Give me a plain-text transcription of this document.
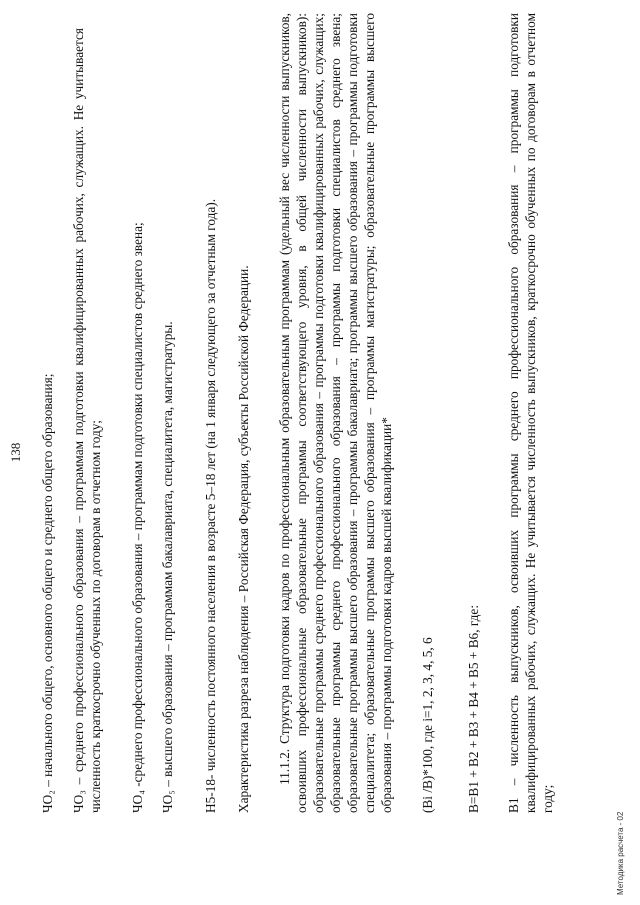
138
ЧО₂ – начального общего, основного общего и среднего общего образования;
ЧО₃ – среднего профессионального образования – программам подготовки квалифицированных рабочих, служащих. Не учитывается численность краткосрочно обученных по договорам в отчетном году; ЧО₄ -среднего профессионального образования – программам подготовки специалистов среднего звена;
ЧО₅ – высшего образования – программам бакалавриата, специалитета, магистратуры. Н5-18- численность постоянного населения в возрасте 5–18 лет (на 1 января следующего за отчетным года). Характеристика разреза наблюдения – Российская Федерация, субъекты Российской Федерации. 11.1.2. Структура подготовки кадров по профессиональным образовательным программам (удельный вес численности выпускников, освоивших профессиональные образовательные программы соответствующего уровня, в общей численности выпускников): образовательные программы среднего профессионального образования – программы подготовки квалифицированных рабочих, служащих; образовательные программы среднего профессионального образования – программы подготовки специалистов среднего звена; образовательные программы высшего образования – программы бакалавриата; программы высшего образования – программы подготовки специалитета; образовательные программы высшего образования – программы магистратуры; образовательные программы высшего образования – программы подготовки кадров высшей квалификации* (Вi /В)*100, где i=1, 2, 3, 4, 5, 6 В=В1 + В2 + В3 + В4 + В5 + В6, где: В1 – численность выпускников, освоивших программы среднего профессионального образования – программы подготовки квалифицированных рабочих, служащих. Не учитывается численность выпускников, краткосрочно обученных по договорам в отчетном году;
Методика расчета - 02
